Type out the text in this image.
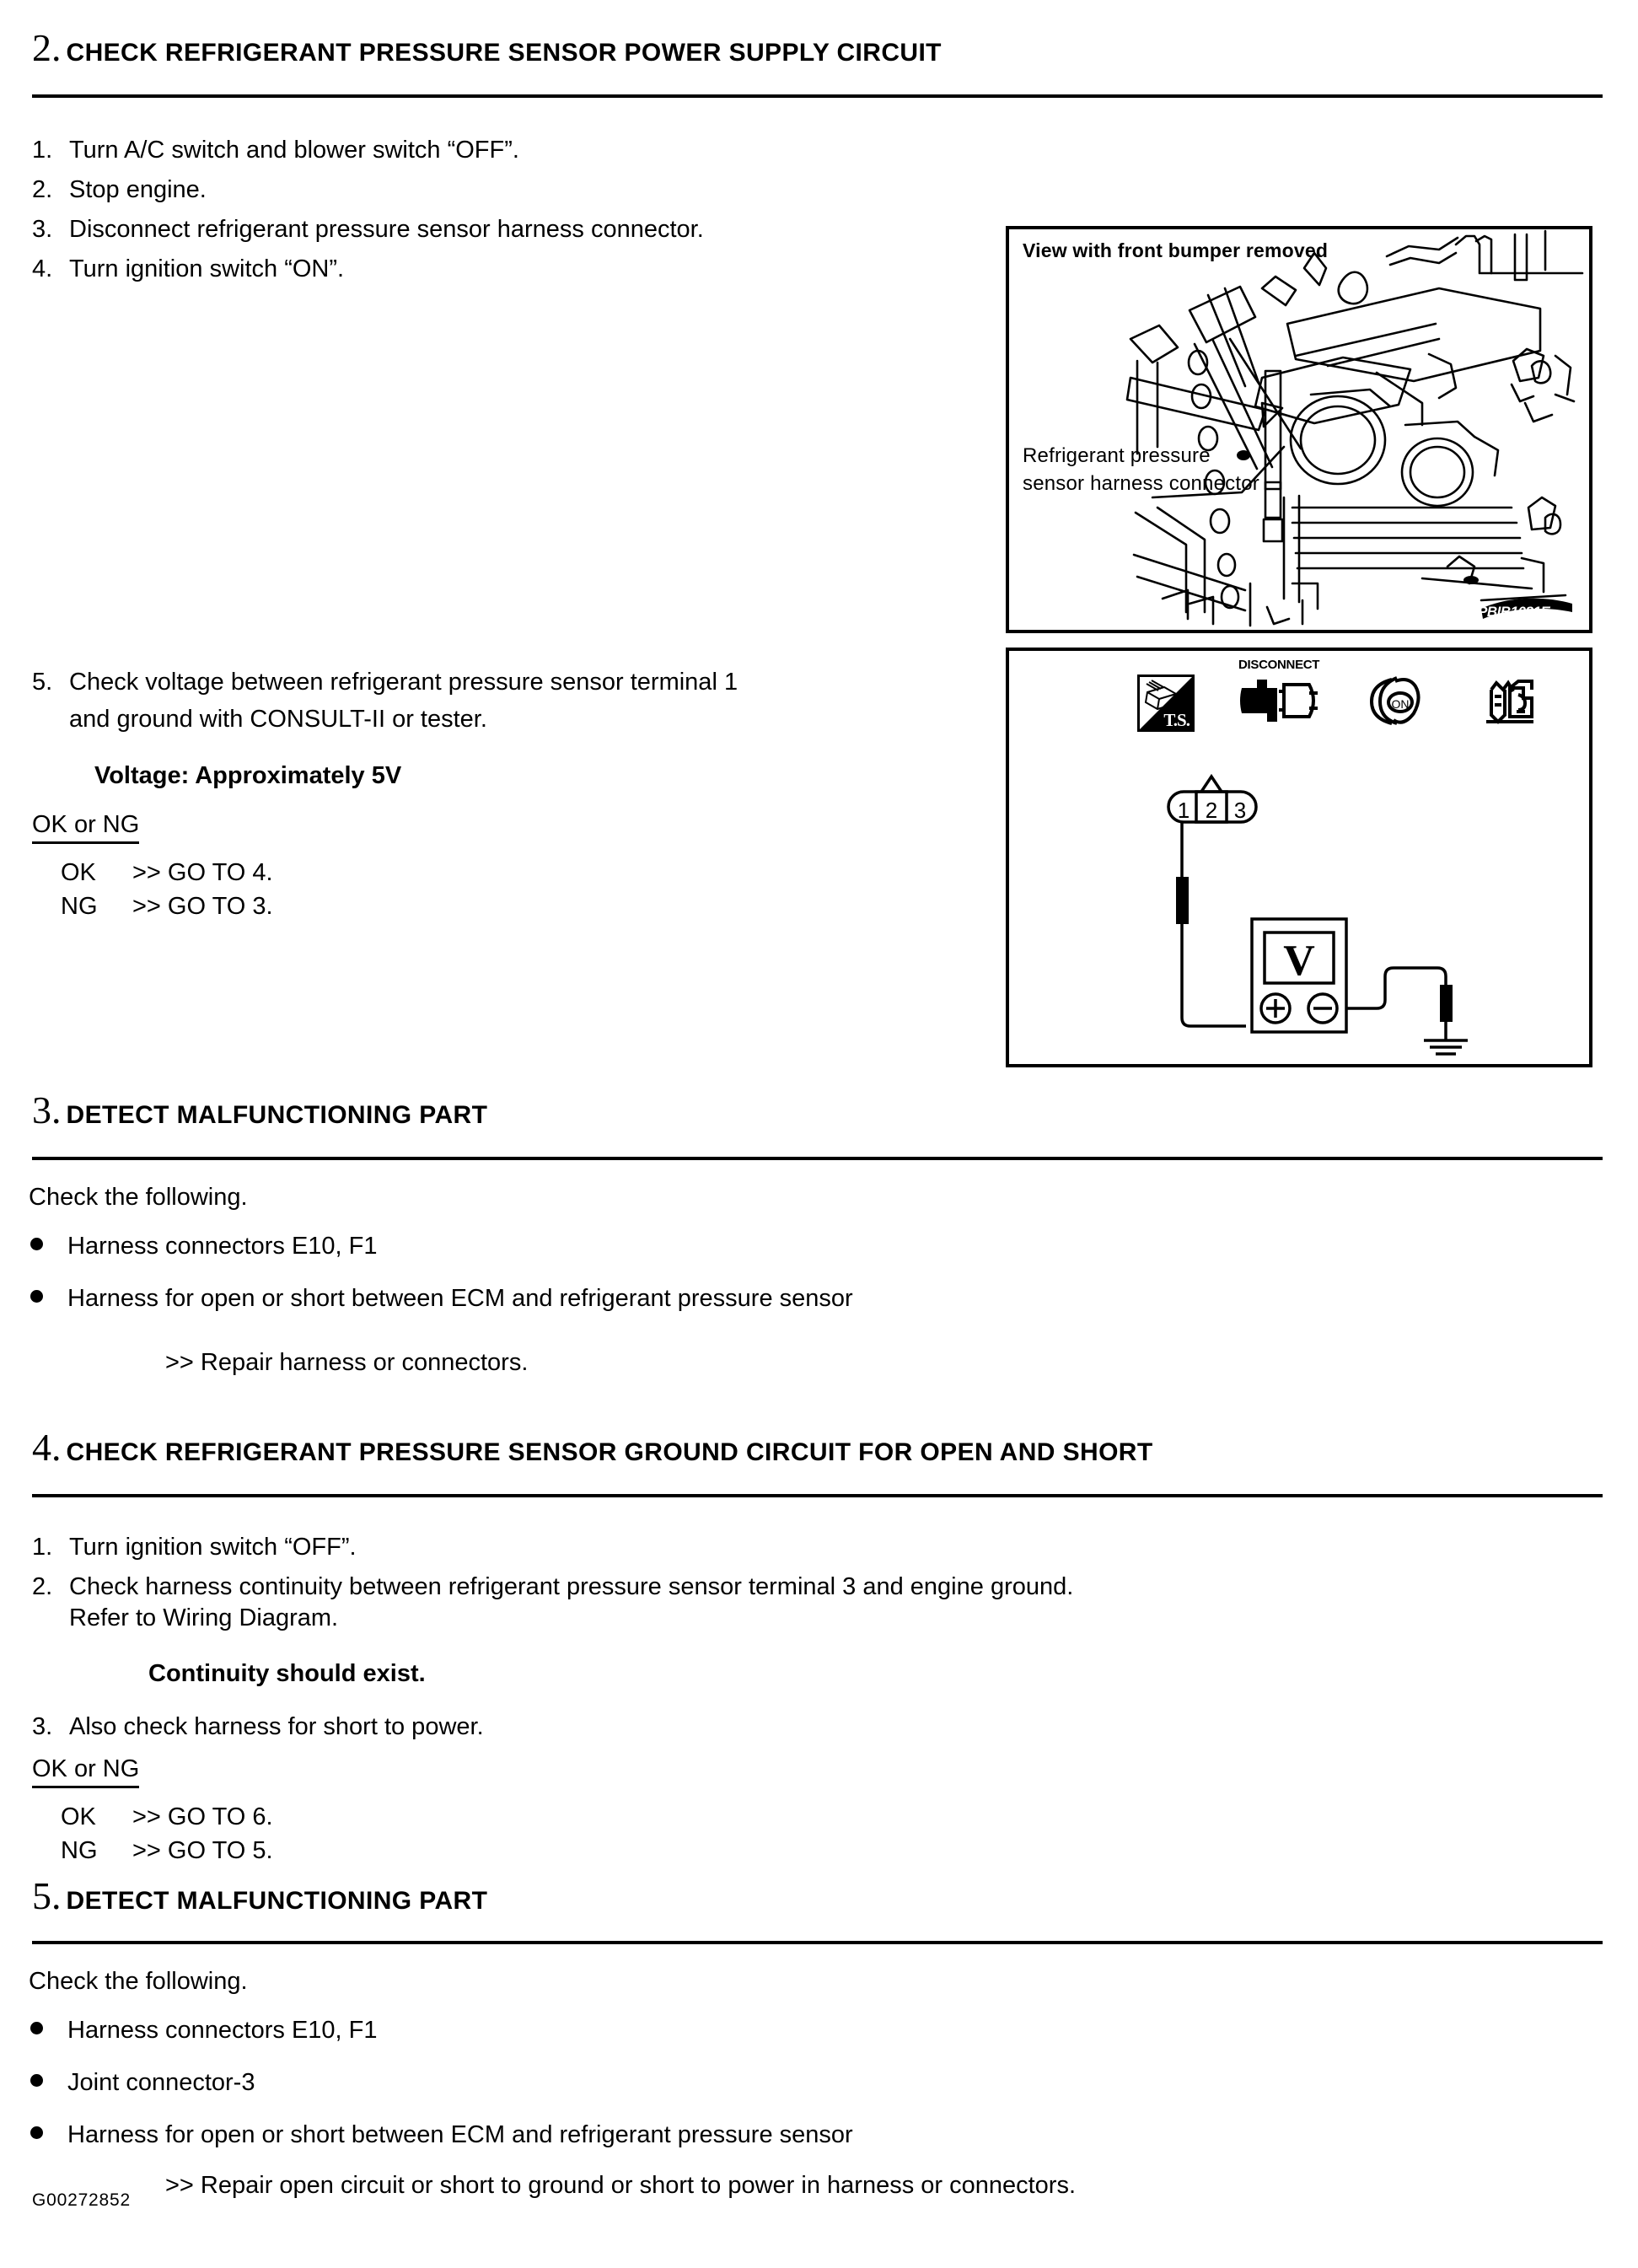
2. CHECK REFRIGERANT PRESSURE SENSOR POWER SUPPLY CIRCUIT
1. Turn A/C switch and blower switch “OFF”.
2. Stop engine.
3. Disconnect refrigerant pressure sensor harness connector.
4. Turn ignition switch “ON”.
View with front bumper removed
Refrigerant pressure
sensor harness connector
PBIB1081E
5. Check voltage between refrigerant pressure sensor terminal 1
and ground with CONSULT-II or tester.
Voltage: Approximately 5V
OK or NG
OK	>> GO TO 4.
NG	>> GO TO 3.
T.S.
DISCONNECT
ON
V
1 2 3
3. DETECT MALFUNCTIONING PART
Check the following.
Harness connectors E10, F1
Harness for open or short between ECM and refrigerant pressure sensor
>> Repair harness or connectors.
4. CHECK REFRIGERANT PRESSURE SENSOR GROUND CIRCUIT FOR OPEN AND SHORT
1. Turn ignition switch “OFF”.
2. Check harness continuity between refrigerant pressure sensor terminal 3 and engine ground.
Refer to Wiring Diagram.
Continuity should exist.
3. Also check harness for short to power.
OK or NG
OK	>> GO TO 6.
NG	>> GO TO 5.
5. DETECT MALFUNCTIONING PART
Check the following.
Harness connectors E10, F1
Joint connector-3
Harness for open or short between ECM and refrigerant pressure sensor
>> Repair open circuit or short to ground or short to power in harness or connectors.
G00272852
